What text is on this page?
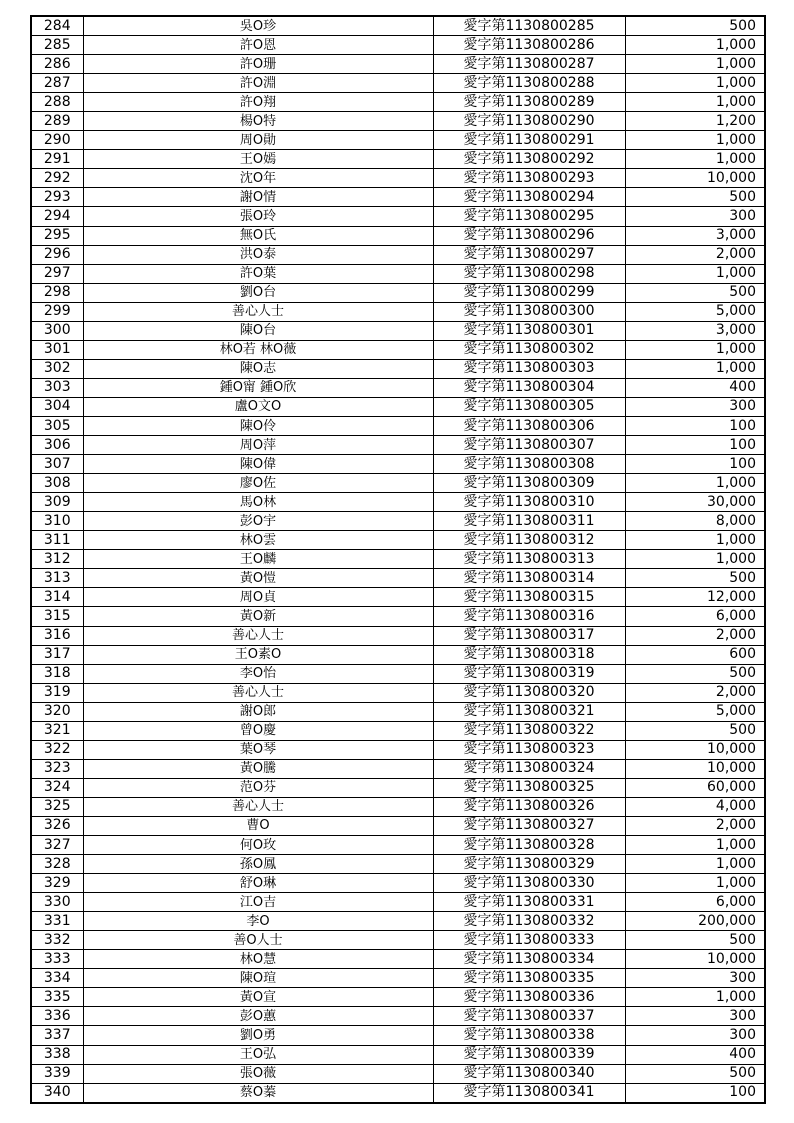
284	吳O珍	愛字第1130800285	500
285	許O恩	愛字第1130800286	1,000
286	許O珊	愛字第1130800287	1,000
287	許O淵	愛字第1130800288	1,000
288	許O翔	愛字第1130800289	1,000
289	楊O特	愛字第1130800290	1,200
290	周O勛	愛字第1130800291	1,000
291	王O嫣	愛字第1130800292	1,000
292	沈O年	愛字第1130800293	10,000
293	謝O情	愛字第1130800294	500
294	張O玲	愛字第1130800295	300
295	無O氏	愛字第1130800296	3,000
296	洪O泰	愛字第1130800297	2,000
297	許O葉	愛字第1130800298	1,000
298	劉O台	愛字第1130800299	500
299	善心人士	愛字第1130800300	5,000
300	陳O台	愛字第1130800301	3,000
301	林O若 林O薇	愛字第1130800302	1,000
302	陳O志	愛字第1130800303	1,000
303	鍾O甯 鍾O欣	愛字第1130800304	400
304	盧O文O	愛字第1130800305	300
305	陳O伶	愛字第1130800306	100
306	周O萍	愛字第1130800307	100
307	陳O偉	愛字第1130800308	100
308	廖O佐	愛字第1130800309	1,000
309	馬O林	愛字第1130800310	30,000
310	彭O宇	愛字第1130800311	8,000
311	林O雲	愛字第1130800312	1,000
312	王O麟	愛字第1130800313	1,000
313	黃O愷	愛字第1130800314	500
314	周O貞	愛字第1130800315	12,000
315	黃O新	愛字第1130800316	6,000
316	善心人士	愛字第1130800317	2,000
317	王O素O	愛字第1130800318	600
318	李O怡	愛字第1130800319	500
319	善心人士	愛字第1130800320	2,000
320	謝O郎	愛字第1130800321	5,000
321	曾O慶	愛字第1130800322	500
322	葉O琴	愛字第1130800323	10,000
323	黃O騰	愛字第1130800324	10,000
324	范O芬	愛字第1130800325	60,000
325	善心人士	愛字第1130800326	4,000
326	曹O	愛字第1130800327	2,000
327	何O玫	愛字第1130800328	1,000
328	孫O鳳	愛字第1130800329	1,000
329	舒O琳	愛字第1130800330	1,000
330	江O吉	愛字第1130800331	6,000
331	李O	愛字第1130800332	200,000
332	善O人士	愛字第1130800333	500
333	林O慧	愛字第1130800334	10,000
334	陳O瑄	愛字第1130800335	300
335	黃O宣	愛字第1130800336	1,000
336	彭O蕙	愛字第1130800337	300
337	劉O勇	愛字第1130800338	300
338	王O弘	愛字第1130800339	400
339	張O薇	愛字第1130800340	500
340	蔡O蓁	愛字第1130800341	100
